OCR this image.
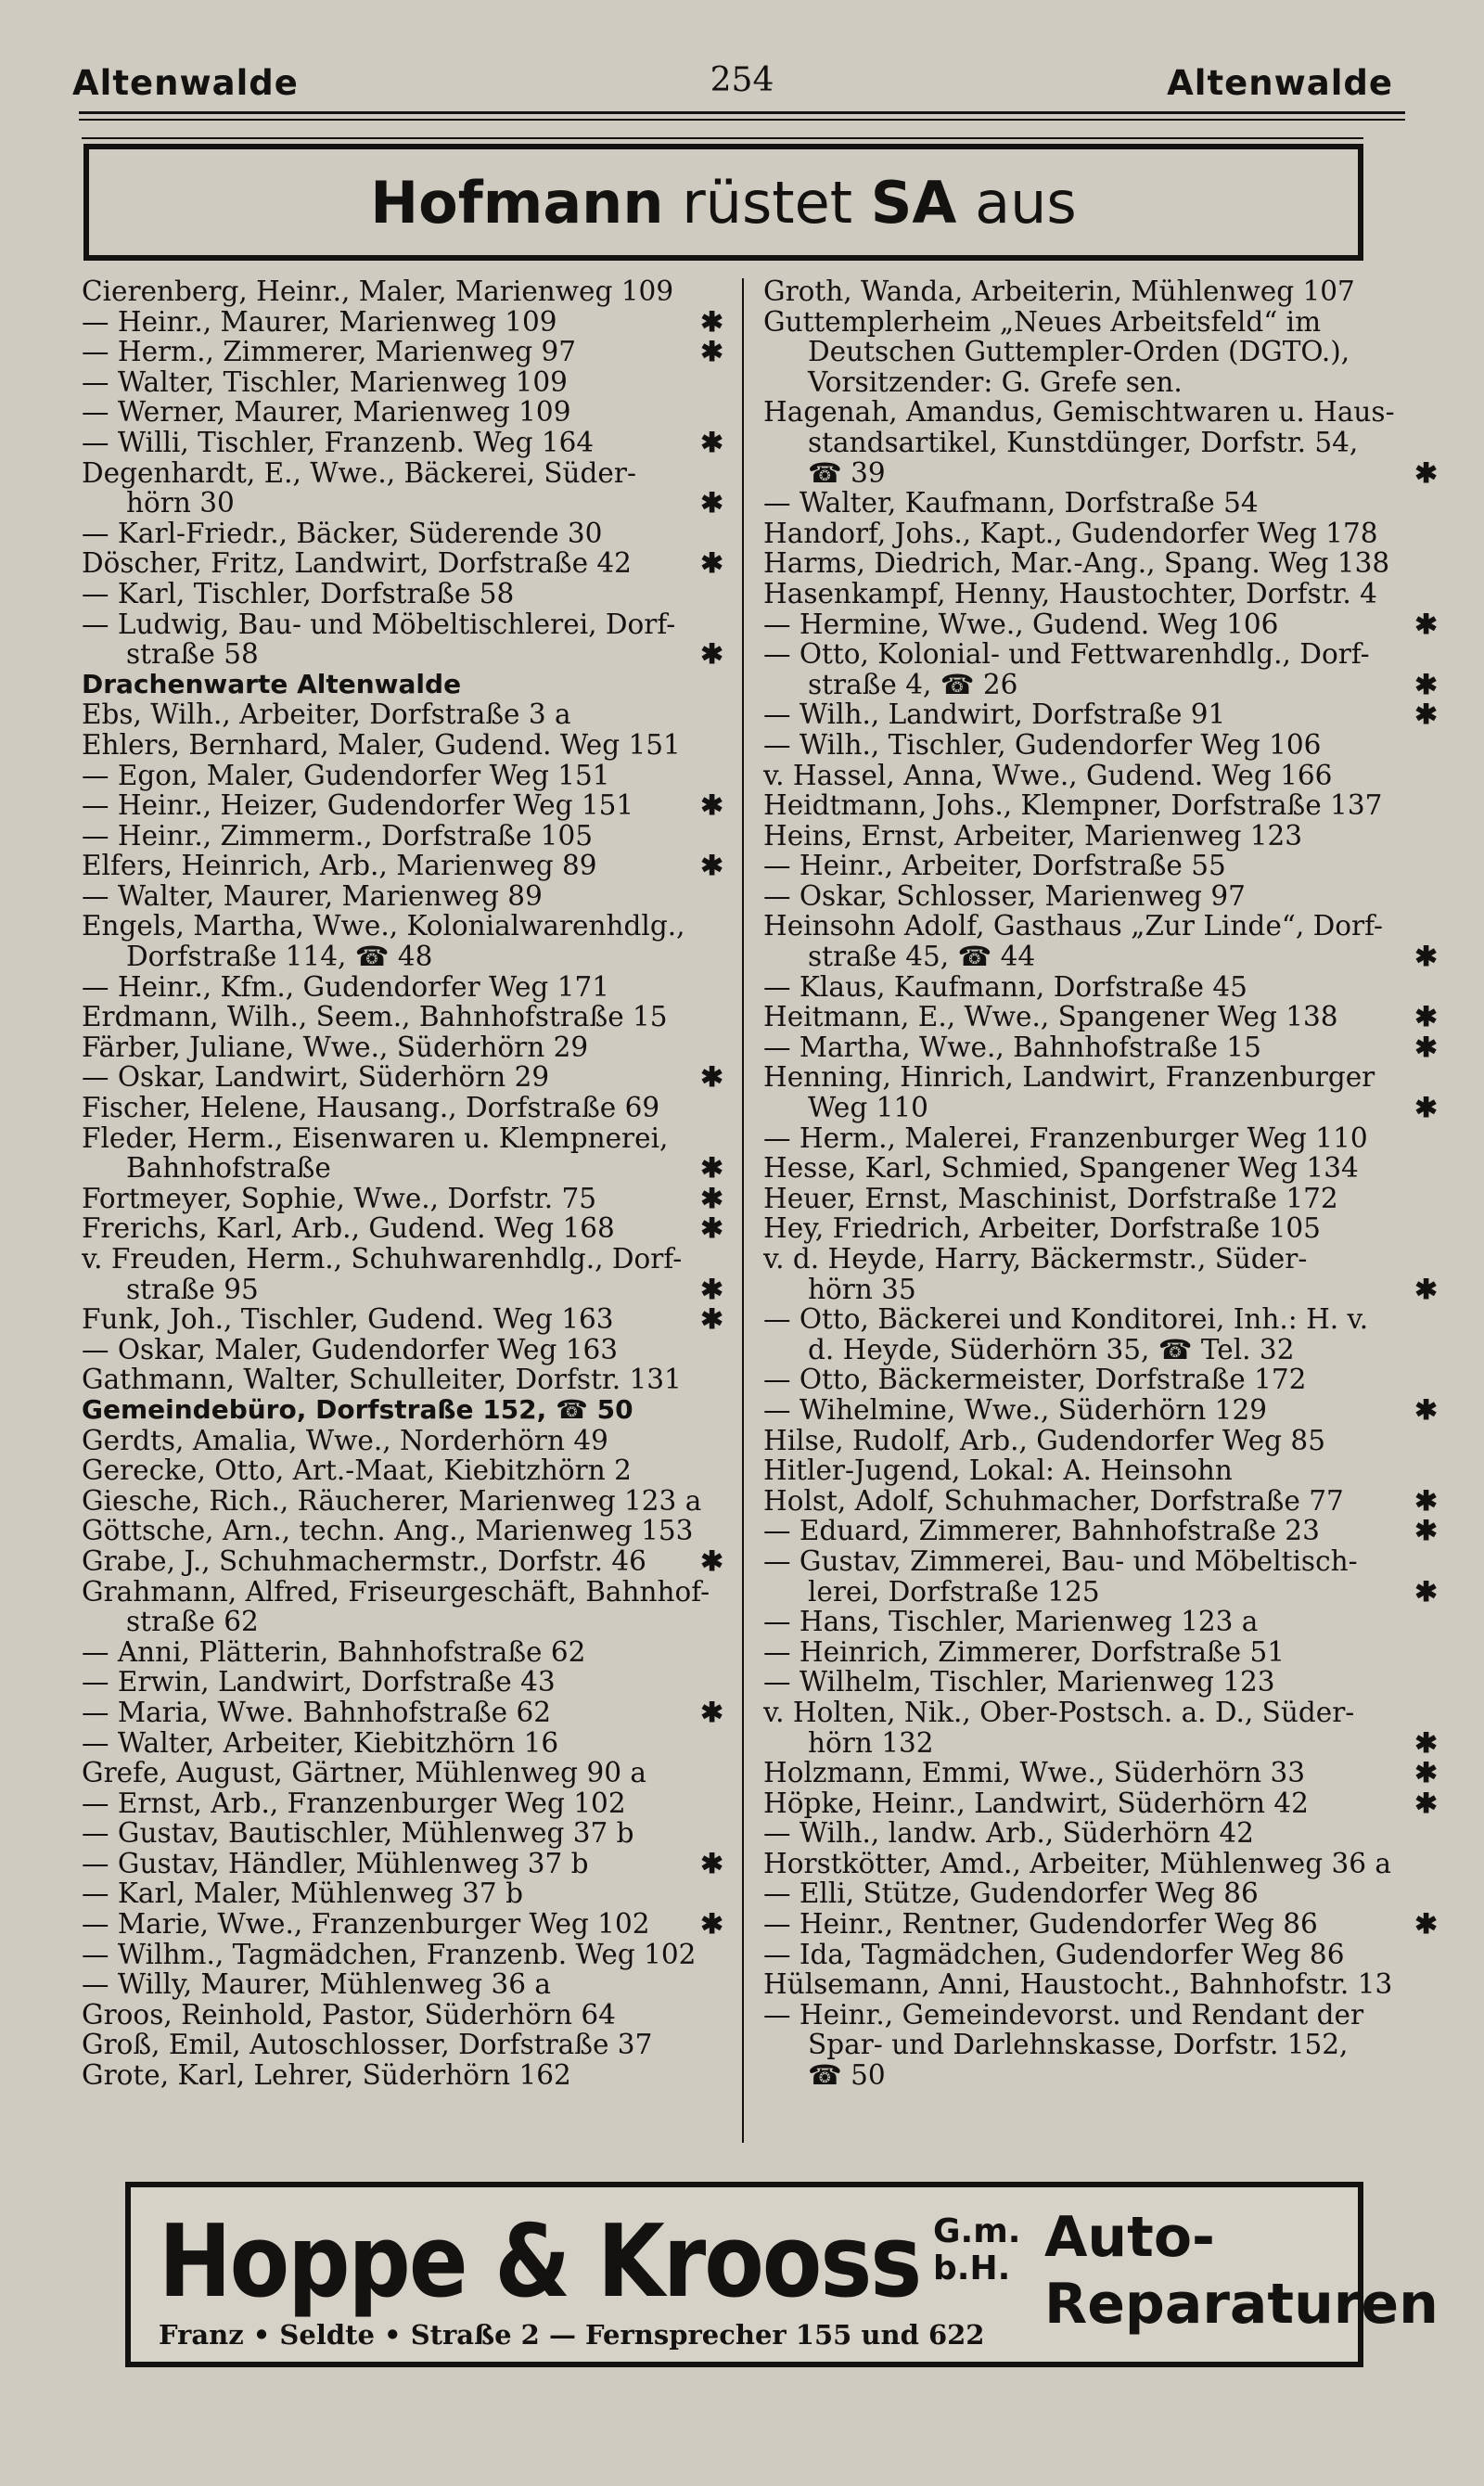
Altenwalde	254	Altenwalde
Hofmann
rüstet
SA
aus
Cierenberg, Heinr., Maler, Marienweg 109
— Heinr., Maurer, Marienweg 109	✱
— Herm., Zimmerer, Marienweg 97	✱
— Walter, Tischler, Marienweg 109
— Werner, Maurer, Marienweg 109
— Willi, Tischler, Franzenb. Weg 164	✱
Degenhardt, E., Wwe., Bäckerei, Süder-
hörn 30	✱
— Karl-Friedr., Bäcker, Süderende 30
Döscher, Fritz, Landwirt, Dorfstraße 42	✱
— Karl, Tischler, Dorfstraße 58
— Ludwig, Bau- und Möbeltischlerei, Dorf-
straße 58	✱
Drachenwarte Altenwalde
Ebs, Wilh., Arbeiter, Dorfstraße 3 a
Ehlers, Bernhard, Maler, Gudend. Weg 151
— Egon, Maler, Gudendorfer Weg 151
— Heinr., Heizer, Gudendorfer Weg 151 ✱
— Heinr., Zimmerm., Dorfstraße 105
Elfers, Heinrich, Arb., Marienweg 89	✱
— Walter, Maurer, Marienweg 89
Engels, Martha, Wwe., Kolonialwarenhdlg.,
Dorfstraße 114, ☎ 48
— Heinr., Kfm., Gudendorfer Weg 171
Erdmann, Wilh., Seem., Bahnhofstraße 15
Färber, Juliane, Wwe., Süderhörn 29
— Oskar, Landwirt, Süderhörn 29	✱
Fischer, Helene, Hausang., Dorfstraße 69
Fleder, Herm., Eisenwaren u. Klempnerei,
Bahnhofstraße	✱
Fortmeyer, Sophie, Wwe., Dorfstr. 75	✱
Frerichs, Karl, Arb., Gudend. Weg 168	✱
v. Freuden, Herm., Schuhwarenhdlg., Dorf-
straße 95	✱
Funk, Joh., Tischler, Gudend. Weg 163	✱
— Oskar, Maler, Gudendorfer Weg 163
Gathmann, Walter, Schulleiter, Dorfstr. 131
Gemeindebüro, Dorfstraße 152, ☎ 50
Gerdts, Amalia, Wwe., Norderhörn 49
Gerecke, Otto, Art.-Maat, Kiebitzhörn 2
Giesche, Rich., Räucherer, Marienweg 123 a
Göttsche, Arn., techn. Ang., Marienweg 153
Grabe, J., Schuhmachermstr., Dorfstr. 46 ✱
Grahmann, Alfred, Friseurgeschäft, Bahnhof-
straße 62
— Anni, Plätterin, Bahnhofstraße 62
— Erwin, Landwirt, Dorfstraße 43
— Maria, Wwe. Bahnhofstraße 62	✱
— Walter, Arbeiter, Kiebitzhörn 16
Grefe, August, Gärtner, Mühlenweg 90 a
— Ernst, Arb., Franzenburger Weg 102
— Gustav, Bautischler, Mühlenweg 37 b
— Gustav, Händler, Mühlenweg 37 b	✱
— Karl, Maler, Mühlenweg 37 b
— Marie, Wwe., Franzenburger Weg 102 ✱
— Wilhm., Tagmädchen, Franzenb. Weg 102
— Willy, Maurer, Mühlenweg 36 a
Groos, Reinhold, Pastor, Süderhörn 64
Groß, Emil, Autoschlosser, Dorfstraße 37
Grote, Karl, Lehrer, Süderhörn 162
Groth, Wanda, Arbeiterin, Mühlenweg 107
Guttemplerheim „Neues Arbeitsfeld“ im
Deutschen Guttempler-Orden (DGTO.),
Vorsitzender: G. Grefe sen.
Hagenah, Amandus, Gemischtwaren u. Haus-
standsartikel, Kunstdünger, Dorfstr. 54,
☎ 39	✱
— Walter, Kaufmann, Dorfstraße 54
Handorf, Johs., Kapt., Gudendorfer Weg 178
Harms, Diedrich, Mar.-Ang., Spang. Weg 138
Hasenkampf, Henny, Haustochter, Dorfstr. 4
— Hermine, Wwe., Gudend. Weg 106	✱
— Otto, Kolonial- und Fettwarenhdlg., Dorf-
straße 4, ☎ 26	✱
— Wilh., Landwirt, Dorfstraße 91	✱
— Wilh., Tischler, Gudendorfer Weg 106
v. Hassel, Anna, Wwe., Gudend. Weg 166
Heidtmann, Johs., Klempner, Dorfstraße 137
Heins, Ernst, Arbeiter, Marienweg 123
— Heinr., Arbeiter, Dorfstraße 55
— Oskar, Schlosser, Marienweg 97
Heinsohn Adolf, Gasthaus „Zur Linde“, Dorf-
straße 45, ☎ 44	✱
— Klaus, Kaufmann, Dorfstraße 45
Heitmann, E., Wwe., Spangener Weg 138	✱
— Martha, Wwe., Bahnhofstraße 15	✱
Henning, Hinrich, Landwirt, Franzenburger
Weg 110	✱
— Herm., Malerei, Franzenburger Weg 110
Hesse, Karl, Schmied, Spangener Weg 134
Heuer, Ernst, Maschinist, Dorfstraße 172
Hey, Friedrich, Arbeiter, Dorfstraße 105
v. d. Heyde, Harry, Bäckermstr., Süder-
hörn 35	✱
— Otto, Bäckerei und Konditorei, Inh.: H. v.
d. Heyde, Süderhörn 35, ☎ Tel. 32
— Otto, Bäckermeister, Dorfstraße 172
— Wihelmine, Wwe., Süderhörn 129	✱
Hilse, Rudolf, Arb., Gudendorfer Weg 85
Hitler-Jugend, Lokal: A. Heinsohn
Holst, Adolf, Schuhmacher, Dorfstraße 77	✱
— Eduard, Zimmerer, Bahnhofstraße 23	✱
— Gustav, Zimmerei, Bau- und Möbeltisch-
lerei, Dorfstraße 125	✱
— Hans, Tischler, Marienweg 123 a
— Heinrich, Zimmerer, Dorfstraße 51
— Wilhelm, Tischler, Marienweg 123
v. Holten, Nik., Ober-Postsch. a. D., Süder-
hörn 132	✱
Holzmann, Emmi, Wwe., Süderhörn 33	✱
Höpke, Heinr., Landwirt, Süderhörn 42	✱
— Wilh., landw. Arb., Süderhörn 42
Horstkötter, Amd., Arbeiter, Mühlenweg 36 a
— Elli, Stütze, Gudendorfer Weg 86
— Heinr., Rentner, Gudendorfer Weg 86	✱
— Ida, Tagmädchen, Gudendorfer Weg 86
Hülsemann, Anni, Haustocht., Bahnhofstr. 13
— Heinr., Gemeindevorst. und Rendant der
Spar- und Darlehnskasse, Dorfstr. 152,
☎ 50
Hoppe & Krooss G.m.
b.H. Auto-
Reparaturen
Franz • Seldte • Straße 2 — Fernsprecher 155 und 622
